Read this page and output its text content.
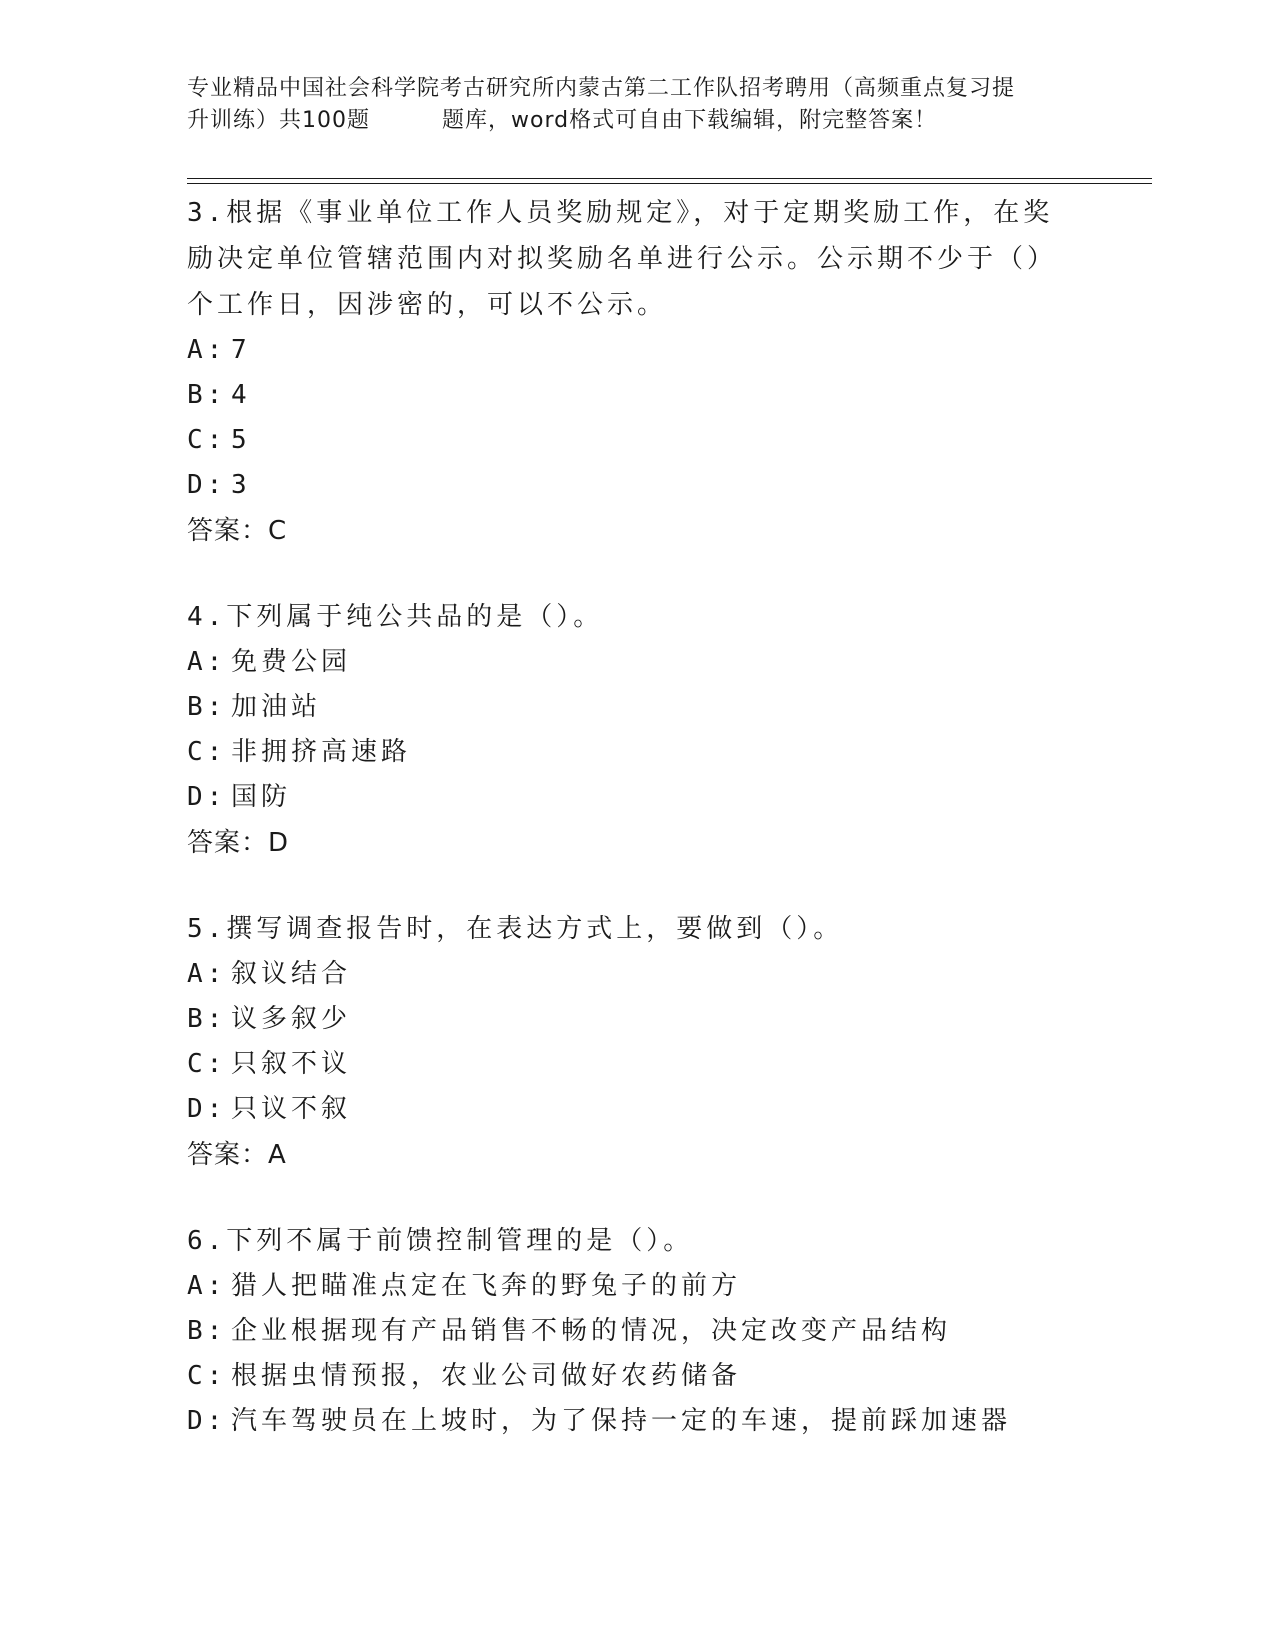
专业精品中国社会科学院考古研究所内蒙古第二工作队招考聘用（高频重点复习提
升训练）共100题	题库，word格式可自由下载编辑，附完整答案！

3.根据《事业单位工作人员奖励规定》，对于定期奖励工作，在奖励决定单位管辖范围内对拟奖励名单进行公示。公示期不少于（）个工作日，因涉密的，可以不公示。

A: 7

B: 4

C: 5

D: 3

答案：C

4.下列属于纯公共品的是（）。

A: 免费公园

B: 加油站

C: 非拥挤高速路

D: 国防

答案：D

5.撰写调查报告时，在表达方式上，要做到（）。

A: 叙议结合

B: 议多叙少

C: 只叙不议

D: 只议不叙

答案：A

6.下列不属于前馈控制管理的是（）。

A: 猎人把瞄准点定在飞奔的野兔子的前方

B: 企业根据现有产品销售不畅的情况，决定改变产品结构

C: 根据虫情预报，农业公司做好农药储备

D: 汽车驾驶员在上坡时，为了保持一定的车速，提前踩加速器
